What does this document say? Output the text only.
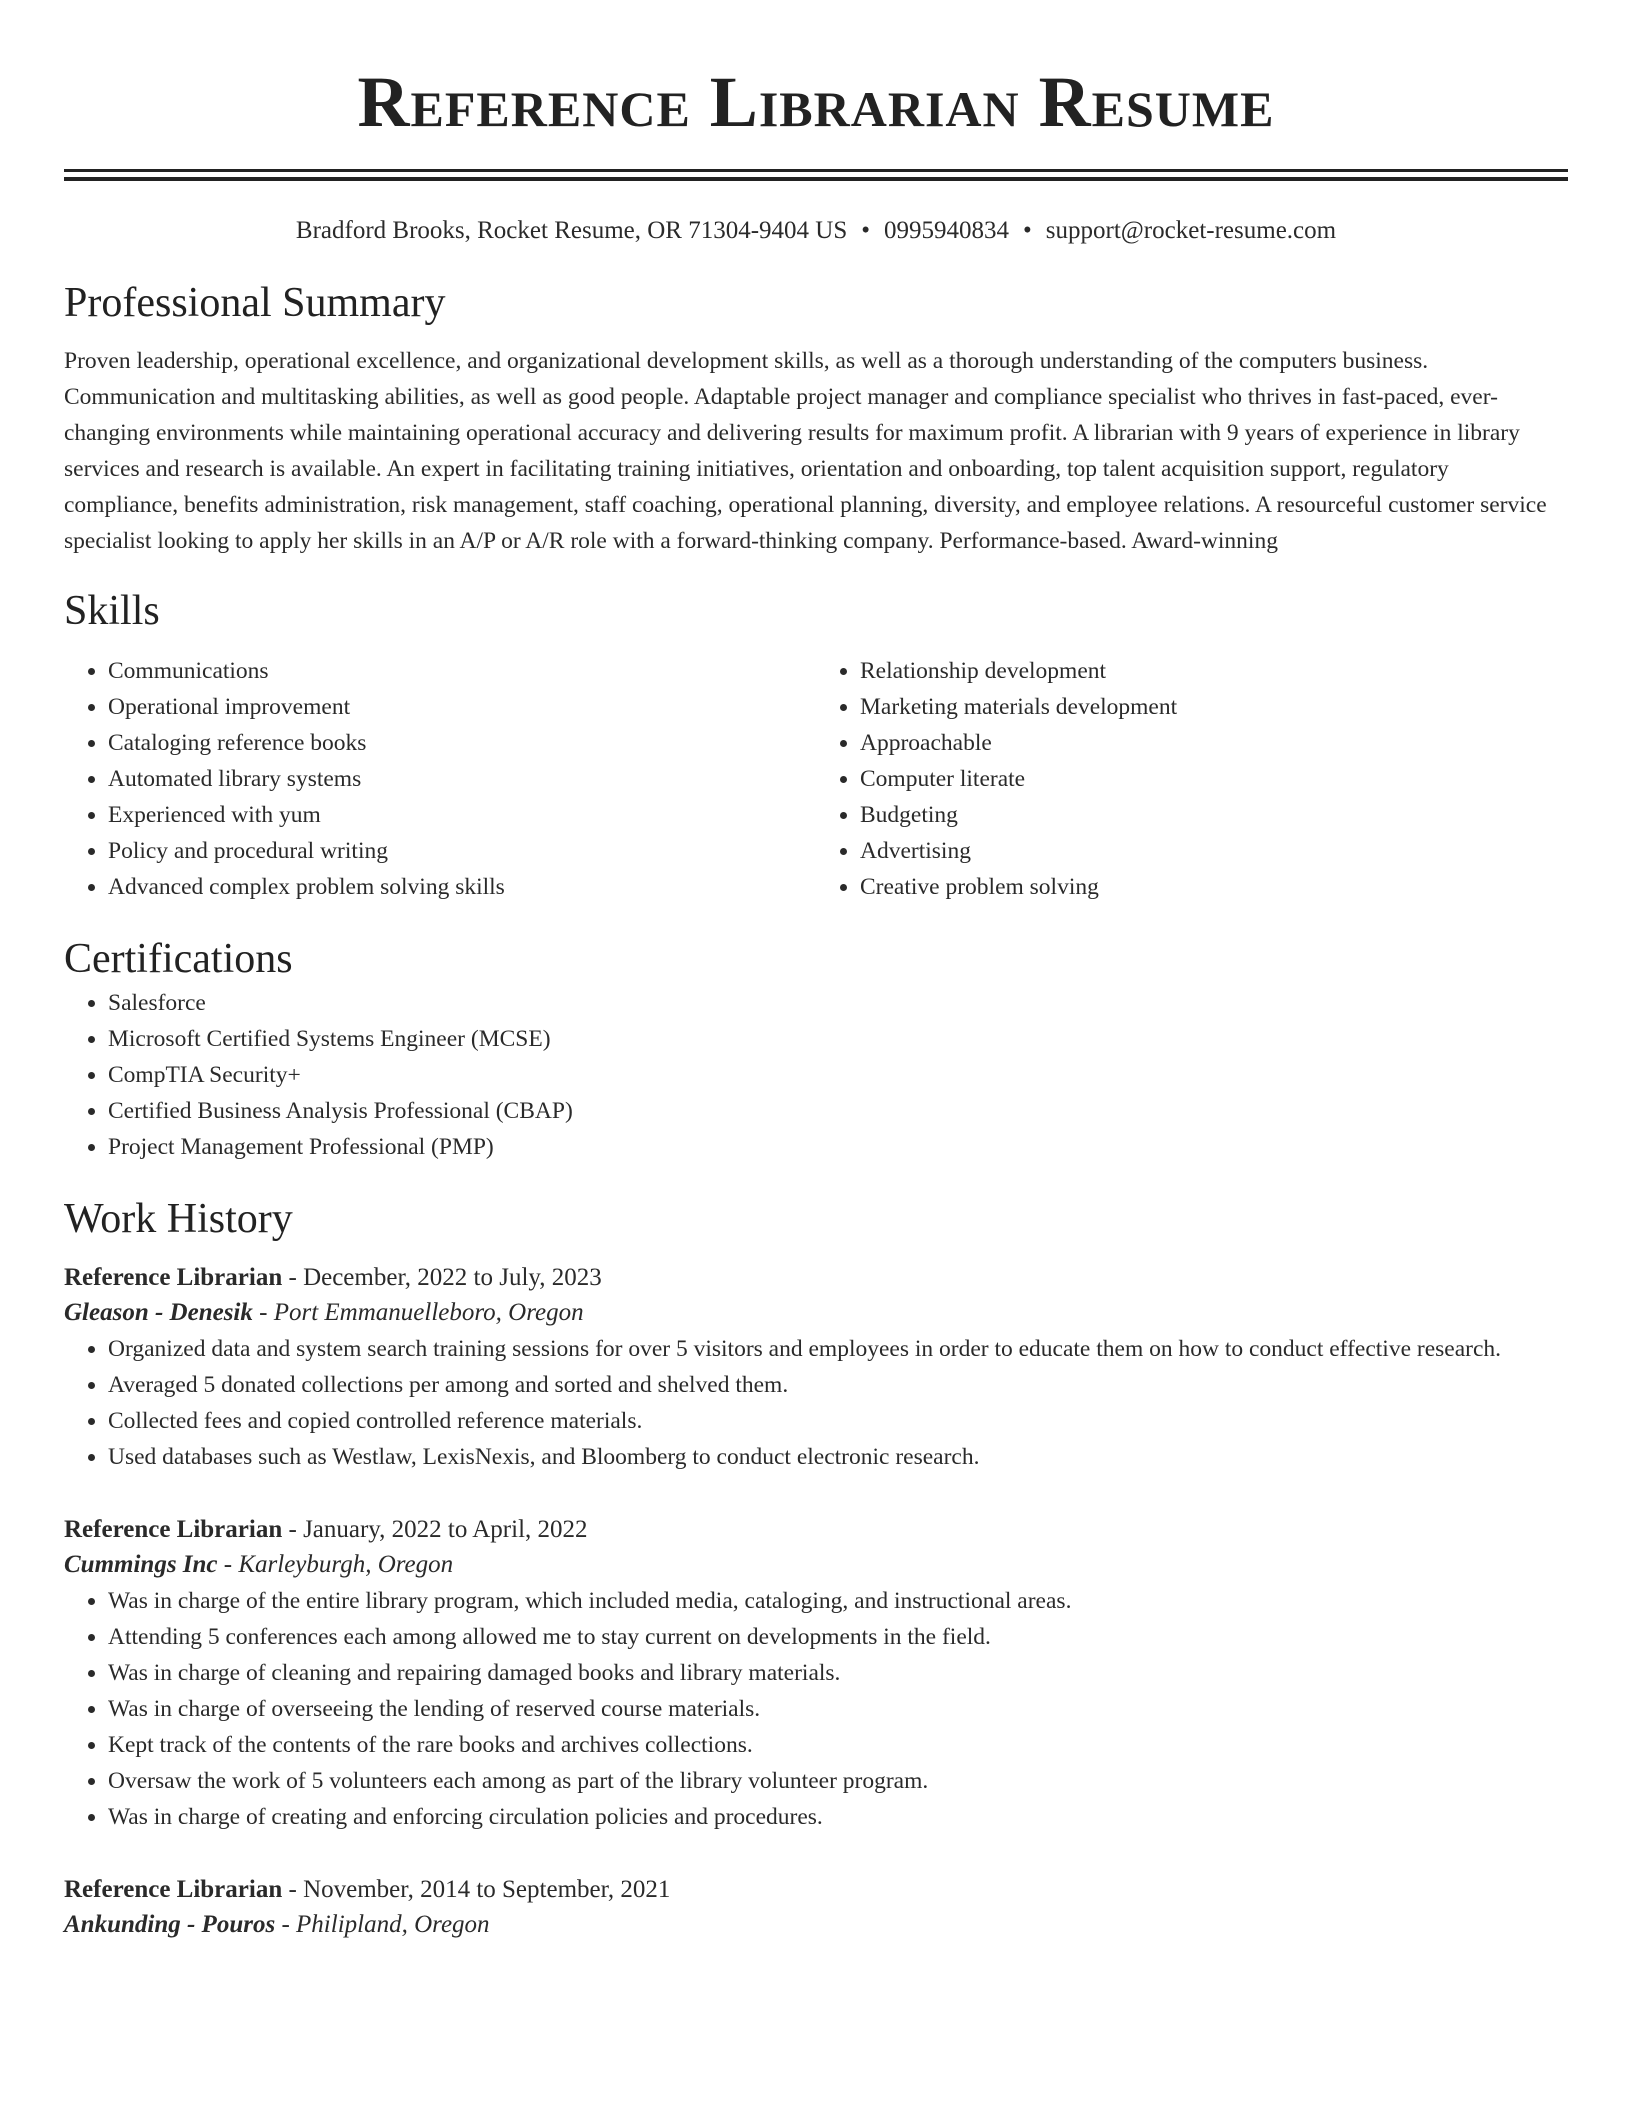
Reference Librarian Resume
Bradford Brooks, Rocket Resume, OR 71304-9404 US • 0995940834 • support@rocket-resume.com
Professional Summary

Proven leadership, operational excellence, and organizational development skills, as well as a thorough understanding of the computers business. Communication and multitasking abilities, as well as good people. Adaptable project manager and compliance specialist who thrives in fast-paced, ever-changing environments while maintaining operational accuracy and delivering results for maximum profit. A librarian with 9 years of experience in library services and research is available. An expert in facilitating training initiatives, orientation and onboarding, top talent acquisition support, regulatory compliance, benefits administration, risk management, staff coaching, operational planning, diversity, and employee relations. A resourceful customer service specialist looking to apply her skills in an A/P or A/R role with a forward-thinking company. Performance-based. Award-winning

Skills
• Communications
• Operational improvement
• Cataloging reference books
• Automated library systems
• Experienced with yum
• Policy and procedural writing
• Advanced complex problem solving skills
• Relationship development
• Marketing materials development
• Approachable
• Computer literate
• Budgeting
• Advertising
• Creative problem solving
Certifications
• Salesforce
• Microsoft Certified Systems Engineer (MCSE)
• CompTIA Security+
• Certified Business Analysis Professional (CBAP)
• Project Management Professional (PMP)
Work History
Reference Librarian - December, 2022 to July, 2023
Gleason - Denesik - Port Emmanuelleboro, Oregon
• Organized data and system search training sessions for over 5 visitors and employees in order to educate them on how to conduct effective research.
• Averaged 5 donated collections per among and sorted and shelved them.
• Collected fees and copied controlled reference materials.
• Used databases such as Westlaw, LexisNexis, and Bloomberg to conduct electronic research.
Reference Librarian - January, 2022 to April, 2022
Cummings Inc - Karleyburgh, Oregon
• Was in charge of the entire library program, which included media, cataloging, and instructional areas.
• Attending 5 conferences each among allowed me to stay current on developments in the field.
• Was in charge of cleaning and repairing damaged books and library materials.
• Was in charge of overseeing the lending of reserved course materials.
• Kept track of the contents of the rare books and archives collections.
• Oversaw the work of 5 volunteers each among as part of the library volunteer program.
• Was in charge of creating and enforcing circulation policies and procedures.
Reference Librarian - November, 2014 to September, 2021
Ankunding - Pouros - Philipland, Oregon
